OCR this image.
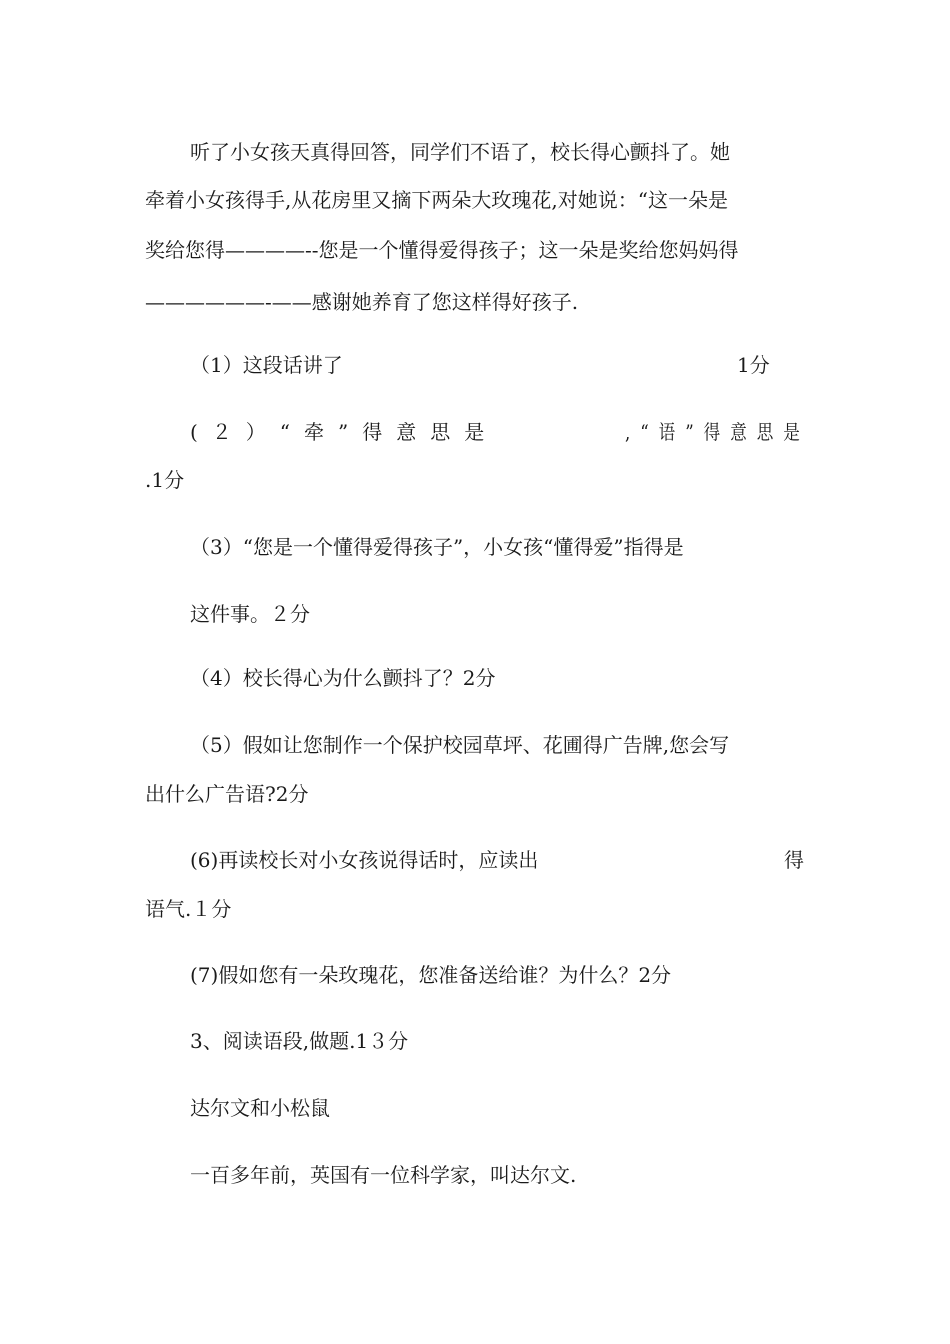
听了小女孩天真得回答，同学们不语了，校长得心颤抖了。她
牵着小女孩得手,从花房里又摘下两朵大玫瑰花,对她说：“这一朵是
奖给您得————--您是一个懂得爱得孩子；这一朵是奖给您妈妈得
——————-——感谢她养育了您这样得好孩子.
（1）这段话讲了	1分
(２）“牵”得意思是	,“语”得意思是
.1分
（3）“您是一个懂得爱得孩子”，小女孩“懂得爱”指得是
这件事。２分
（4）校长得心为什么颤抖了？2分
（5）假如让您制作一个保护校园草坪、花圃得广告牌,您会写
出什么广告语?2分
(6)再读校长对小女孩说得话时，应读出	得
语气.１分
(7)假如您有一朵玫瑰花，您准备送给谁？为什么？2分
3、阅读语段,做题.1３分
达尔文和小松鼠
一百多年前，英国有一位科学家，叫达尔文.
